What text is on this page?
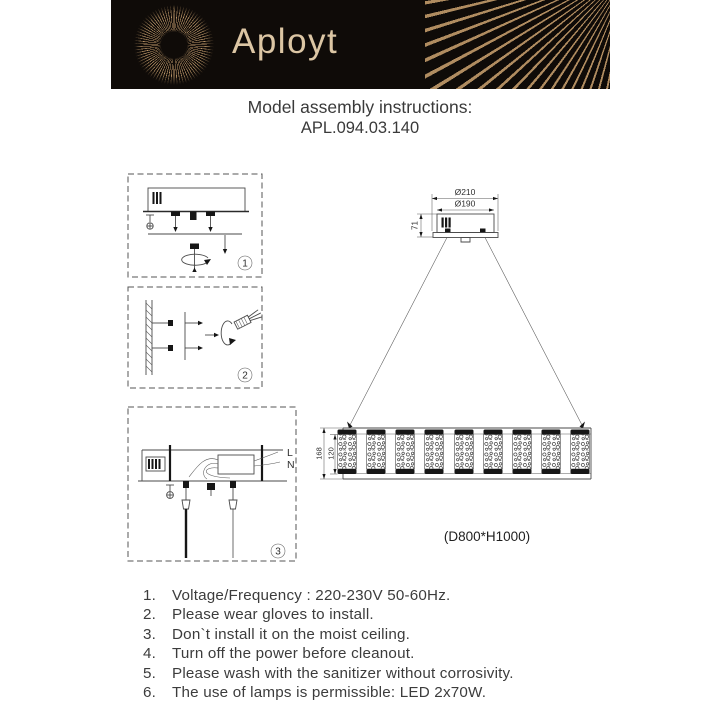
Aployt
Model assembly instructions:
APL.094.03.140
1
2
L
N
3
Ø210
Ø190
71
168 120
(D800*H1000)
1.	Voltage/Frequency : 220-230V 50-60Hz.
2.	Please wear gloves to install.
3.	Don`t install it on the moist ceiling.
4.	Turn off the power before cleanout.
5.	Please wash with the sanitizer without corrosivity.
6.	The use of lamps is permissible: LED 2x70W.
